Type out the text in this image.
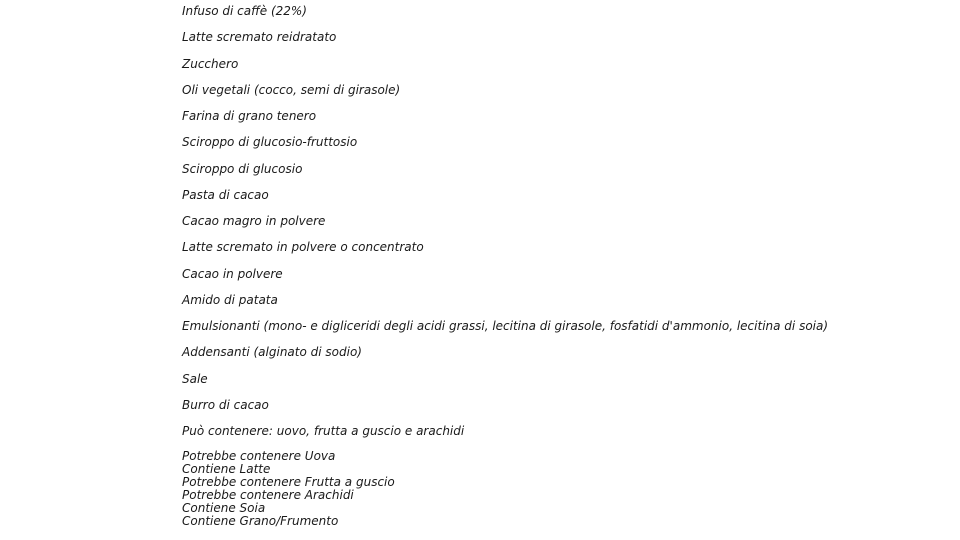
Infuso di caffè (22%)
Latte scremato reidratato
Zucchero
Oli vegetali (cocco, semi di girasole)
Farina di grano tenero
Sciroppo di glucosio-fruttosio
Sciroppo di glucosio
Pasta di cacao
Cacao magro in polvere
Latte scremato in polvere o concentrato
Cacao in polvere
Amido di patata
Emulsionanti (mono- e digliceridi degli acidi grassi, lecitina di girasole, fosfatidi d'ammonio, lecitina di soia)
Addensanti (alginato di sodio)
Sale
Burro di cacao
Può contenere: uovo, frutta a guscio e arachidi
Potrebbe contenere Uova
Contiene Latte
Potrebbe contenere Frutta a guscio
Potrebbe contenere Arachidi
Contiene Soia
Contiene Grano/Frumento
